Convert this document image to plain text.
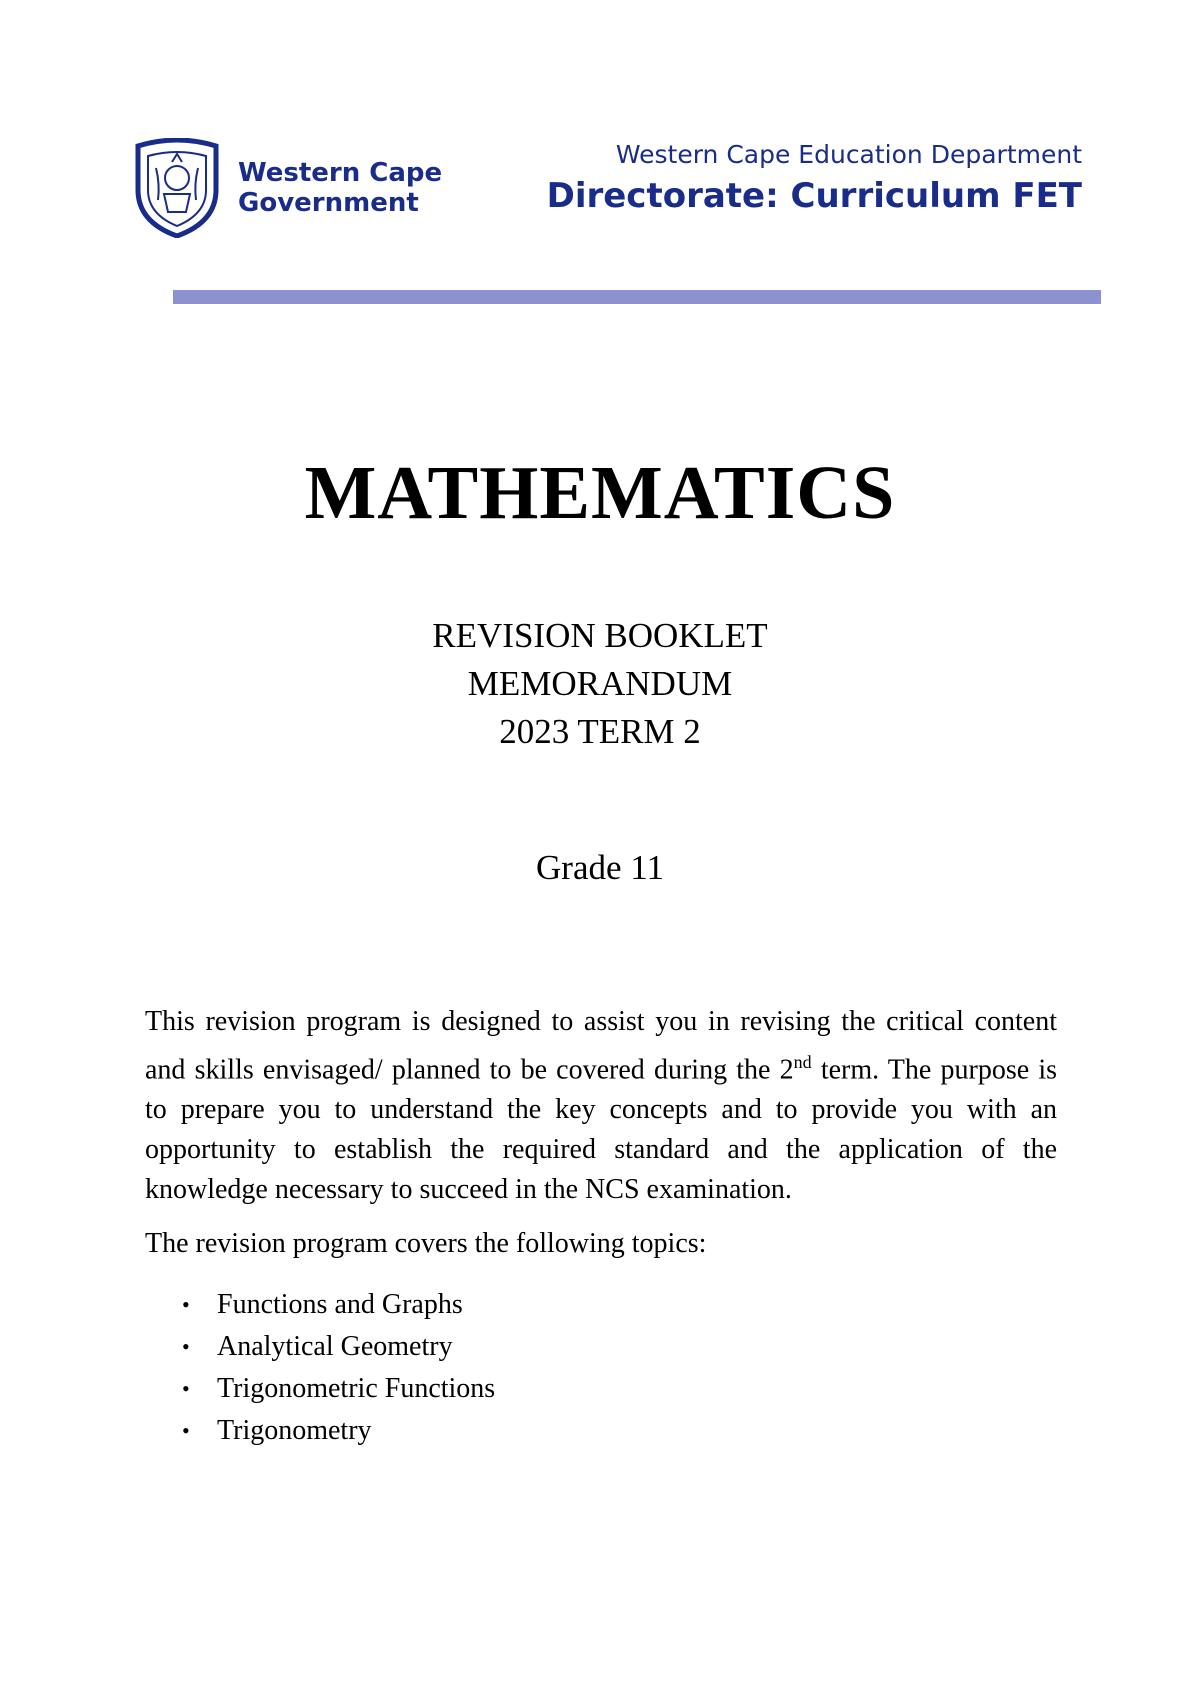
Western Cape
Government
Western Cape Education Department
Directorate: Curriculum FET
MATHEMATICS
REVISION BOOKLET
MEMORANDUM
2023 TERM 2
Grade 11

This revision program is designed to assist you in revising the critical content and skills envisaged/ planned to be covered during the 2nd term. The purpose is to prepare you to understand the key concepts and to provide you with an opportunity to establish the required standard and the application of the knowledge necessary to succeed in the NCS examination.

The revision program covers the following topics:

• Functions and Graphs
• Analytical Geometry
• Trigonometric Functions
• Trigonometry
